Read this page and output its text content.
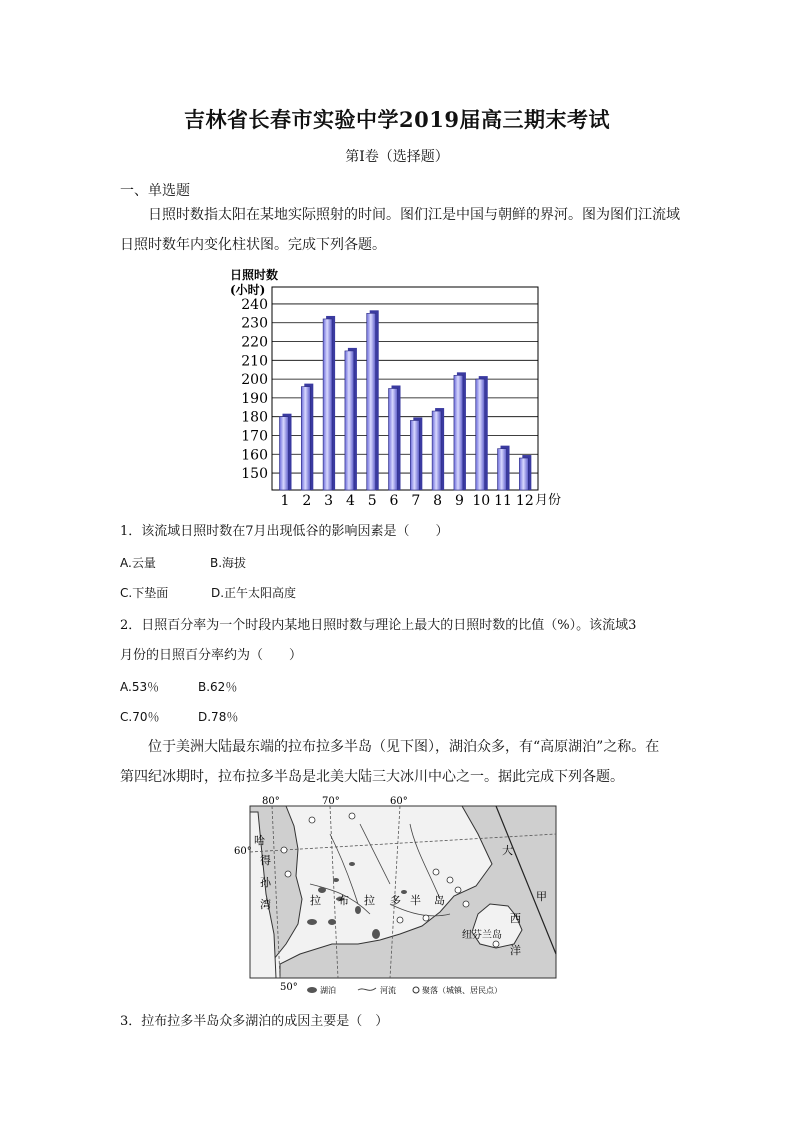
吉林省长春市实验中学2019届高三期末考试
第I卷（选择题）
一、单选题
日照时数指太阳在某地实际照射的时间。图们江是中国与朝鲜的界河。图为图们江流域
日照时数年内变化柱状图。完成下列各题。
日照时数
(小时)
150
160
170
180
190
200
210
220
230
240
1 2 3 4 5 6 7 8 9 10 11 12 月份
1．该流域日照时数在7月出现低谷的影响因素是（　　）
A.云量	B.海拔
C.下垫面	D.正午太阳高度
2．日照百分率为一个时段内某地日照时数与理论上最大的日照时数的比值（%）。该流域3
月份的日照百分率约为（　　）
A.53％	B.62％
C.70％	D.78％
位于美洲大陆最东端的拉布拉多半岛（见下图），湖泊众多，有“高原湖泊”之称。在
第四纪冰期时，拉布拉多半岛是北美大陆三大冰川中心之一。据此完成下列各题。
80°	70°	60°
50°
60°
哈
得
孙
湾	拉 布 拉 多 半 岛
大
西
洋
纽芬兰岛
甲
湖泊	河流	聚落（城镇、居民点）
3．拉布拉多半岛众多湖泊的成因主要是（　）
